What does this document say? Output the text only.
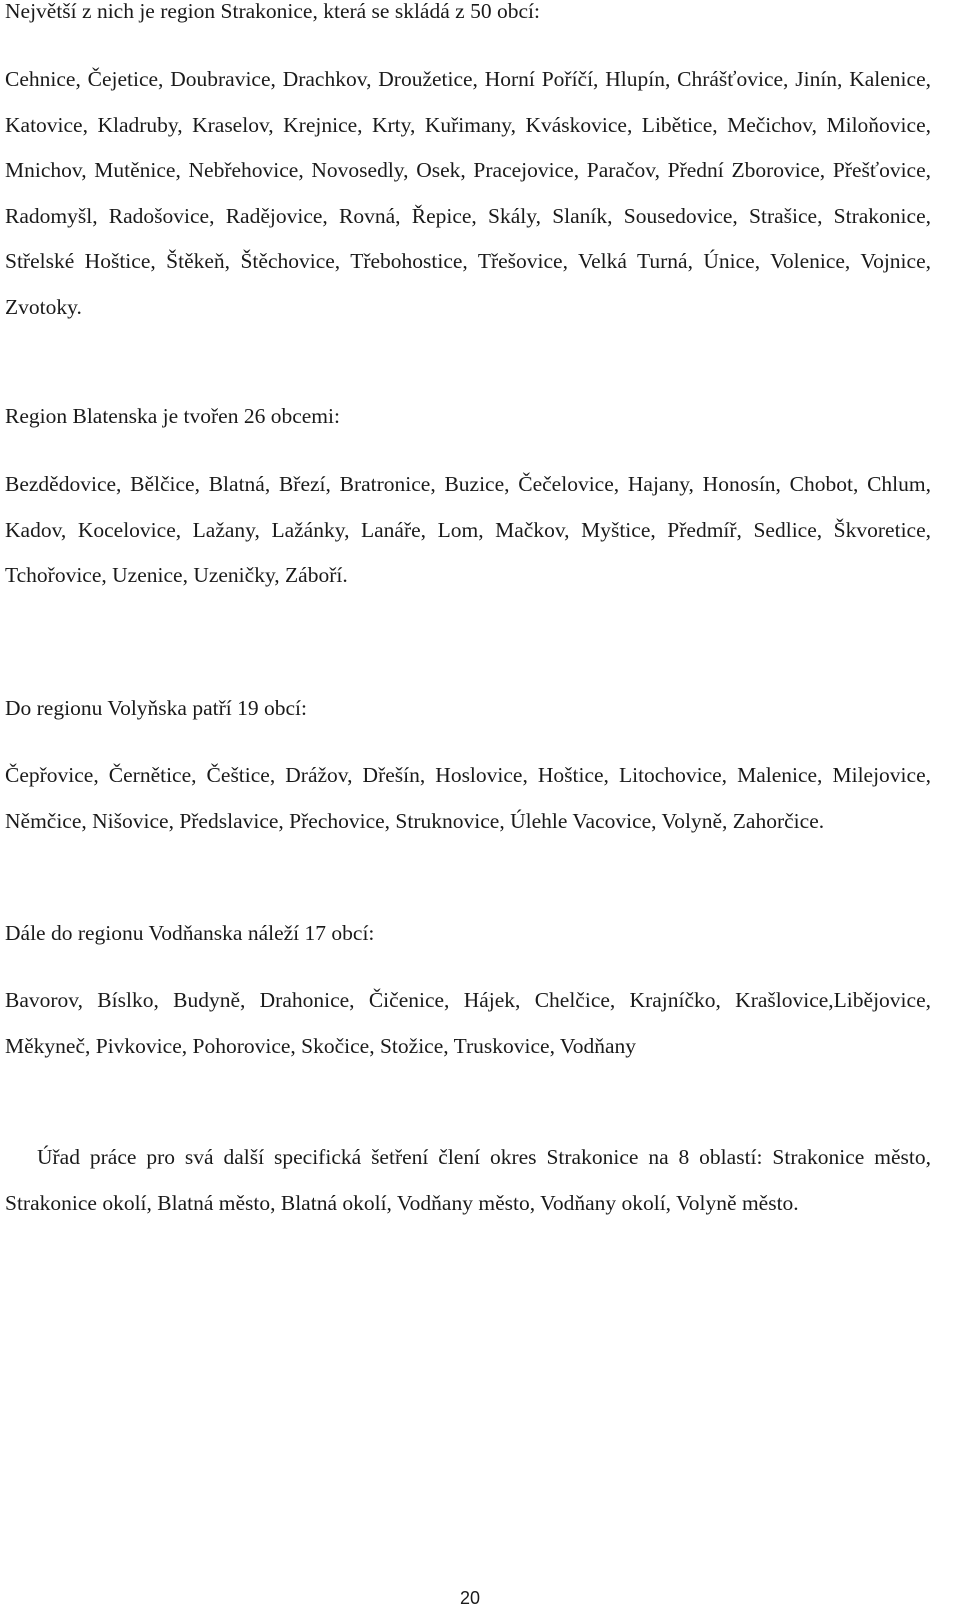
Největší z nich je region Strakonice, která se skládá z 50 obcí:

Cehnice, Čejetice, Doubravice, Drachkov, Droužetice, Horní Poříčí, Hlupín, Chrášťovice, Jinín, Kalenice, Katovice, Kladruby, Kraselov, Krejnice, Krty, Kuřimany, Kváskovice, Libětice, Mečichov, Miloňovice, Mnichov, Mutěnice, Nebřehovice, Novosedly, Osek, Pracejovice, Paračov, Přední Zborovice, Přešťovice, Radomyšl, Radošovice, Radějovice, Rovná, Řepice, Skály, Slaník, Sousedovice, Strašice, Strakonice, Střelské Hoštice, Štěkeň, Štěchovice, Třebohostice, Třešovice, Velká Turná, Únice, Volenice, Vojnice, Zvotoky.

Region Blatenska je tvořen 26 obcemi:

Bezdědovice, Bělčice, Blatná, Březí, Bratronice, Buzice, Čečelovice, Hajany, Honosín, Chobot, Chlum, Kadov, Kocelovice, Lažany, Lažánky, Lanáře, Lom, Mačkov, Myštice, Předmíř, Sedlice, Škvoretice, Tchořovice, Uzenice, Uzeničky, Záboří.

Do regionu Volyňska patří 19 obcí:

Čepřovice, Černětice, Češtice, Drážov, Dřešín, Hoslovice, Hoštice, Litochovice, Malenice, Milejovice, Němčice, Nišovice, Předslavice, Přechovice, Struknovice, Úlehle Vacovice, Volyně, Zahorčice.

Dále do regionu Vodňanska náleží 17 obcí:

Bavorov, Bíslko, Budyně, Drahonice, Čičenice, Hájek, Chelčice, Krajníčko, Krašlovice,Libějovice, Měkyneč, Pivkovice, Pohorovice, Skočice, Stožice, Truskovice, Vodňany

Úřad práce pro svá další specifická šetření člení okres Strakonice na 8 oblastí: Strakonice město, Strakonice okolí, Blatná město, Blatná okolí, Vodňany město, Vodňany okolí, Volyně město.

20
